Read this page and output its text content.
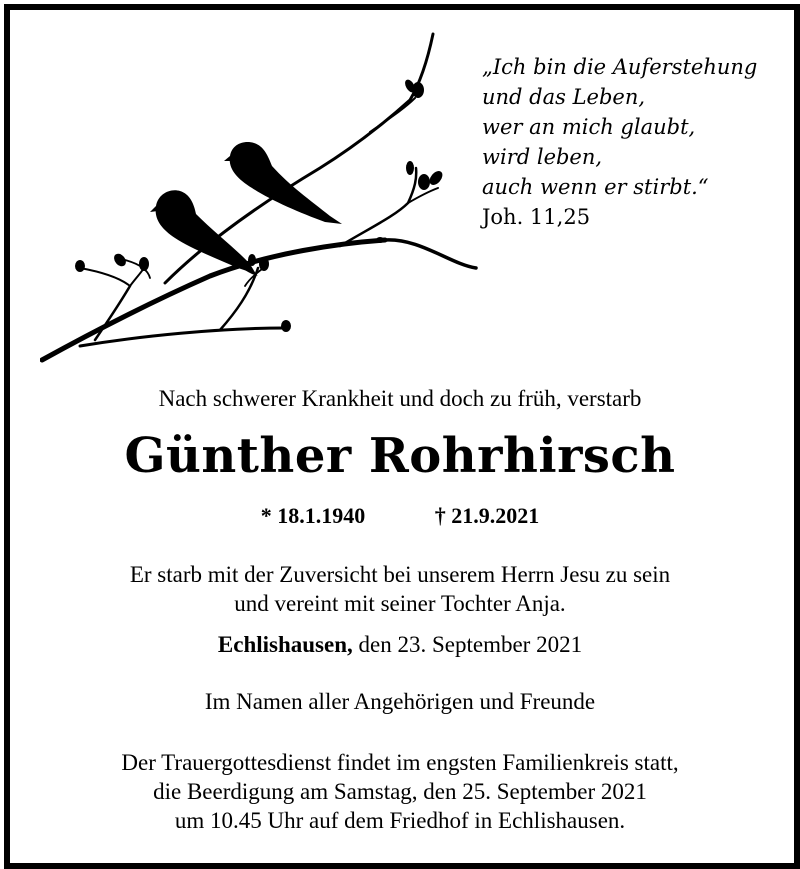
„Ich bin die Auferstehung
und das Leben,
wer an mich glaubt,
wird leben,
auch wenn er stirbt.“
Joh. 11,25
Nach schwerer Krankheit und doch zu früh, verstarb
Günther Rohrhirsch
* 18.1.1940	† 21.9.2021
Er starb mit der Zuversicht bei unserem Herrn Jesu zu sein
und vereint mit seiner Tochter Anja.
Echlishausen, den 23. September 2021
Im Namen aller Angehörigen und Freunde
Der Trauergottesdienst findet im engsten Familienkreis statt,
die Beerdigung am Samstag, den 25. September 2021
um 10.45 Uhr auf dem Friedhof in Echlishausen.
